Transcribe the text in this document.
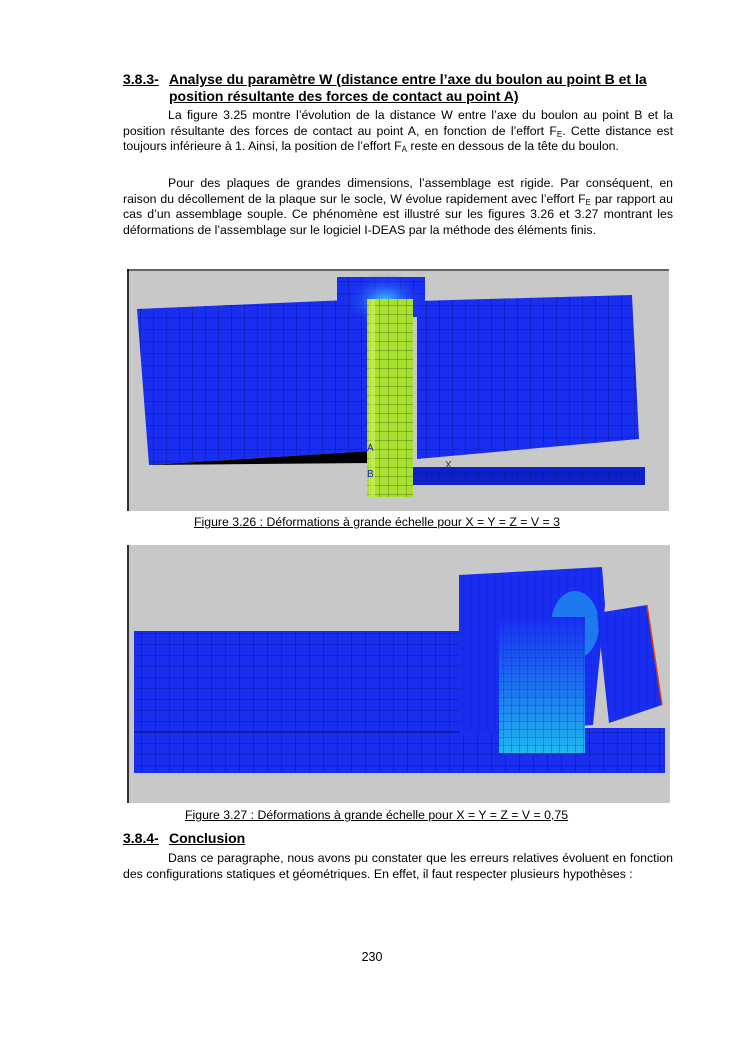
3.8.3- Analyse du paramètre W (distance entre l’axe du boulon au point B et la position résultante des forces de contact au point A)

La figure 3.25 montre l’évolution de la distance W entre l’axe du boulon au point B et la position résultante des forces de contact au point A, en fonction de l’effort $F_E$. Cette distance est toujours inférieure à 1. Ainsi, la position de l’effort $F_A$ reste en dessous de la tête du boulon.

Pour des plaques de grandes dimensions, l’assemblage est rigide. Par conséquent, en raison du décollement de la plaque sur le socle, W évolue rapidement avec l’effort $F_E$ par rapport au cas d’un assemblage souple. Ce phénomène est illustré sur les figures 3.26 et 3.27 montrant les déformations de l’assemblage sur le logiciel I-DEAS par la méthode des éléments finis.

A
B
X
Figure 3.26 : Déformations à grande échelle pour X = Y = Z = V = 3
Figure 3.27 : Déformations à grande échelle pour X = Y = Z = V = 0,75
3.8.4- Conclusion

Dans ce paragraphe, nous avons pu constater que les erreurs relatives évoluent en fonction des configurations statiques et géométriques. En effet, il faut respecter plusieurs hypothèses :

230
